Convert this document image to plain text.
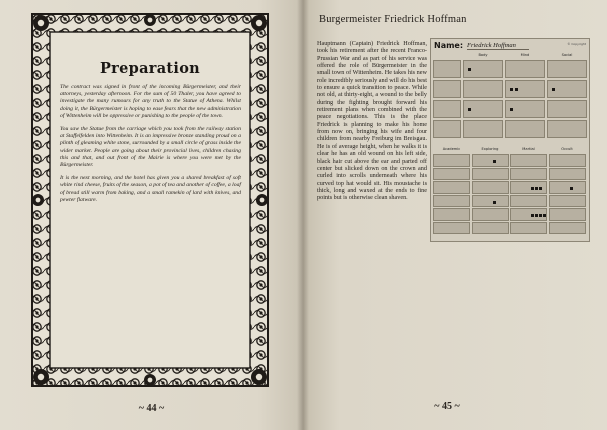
Preparation

The contract was signed in front of the incoming Bürgermeister, and their attorneys, yesterday afternoon. For the sum of 50 Thaler, you have agreed to investigate the many rumours for any truth to the Statue of Athena. Whilst doing it, the Bürgermeister is hoping to ease fears that the new administration of Wittenheim will be oppressive or punishing to the people of the town.

You saw the Statue from the carriage which you took from the railway station at Staffelfelden into Wittenheim. It is an impressive bronze standing proud on a plinth of gleaming white stone, surrounded by a small circle of grass inside the wider market. People are going about their provincial lives, children chasing this and that, and out front of the Mairie is where you were met by the Bürgermeister.

It is the next morning, and the hotel has given you a shared breakfast of soft white rind cheese, fruits of the season, a pot of tea and another of coffee, a loaf of bread still warm from baking, and a small ramekin of lard with knives, and pewter flatware.

~ 44 ~
Burgermeister Friedrick Hoffman
Name: Friedrick Hoffman	© Copyright
Body	Mind	Social
Academic	Exploring	Martial	Occult
Hauptmann (Captain) Friedrick Hoffman, took his retirement after the recent Franco-Prussian War and as part of his service was offered the role of Bürgermeister in the small town of Wittenheim. He takes his new role incredibly seriously and will do his best to ensure a quick transition to peace. While not old, at thirty-eight, a wound to the belly during the fighting brought forward his retirement plans when combined with the peace negotiations. This is the place Friedrick is planning to make his home from now on, bringing his wife and four children from nearby Freiburg im Breisgau. He is of average height, when he walks it is clear he has an old wound on his left side, black hair cut above the ear and parted off center but slicked down on the crown and curled into scrolls underneath where his curved top hat would sit. His moustache is thick, long and waxed at the ends to fine points but is otherwise clean shaven.
~ 45 ~
